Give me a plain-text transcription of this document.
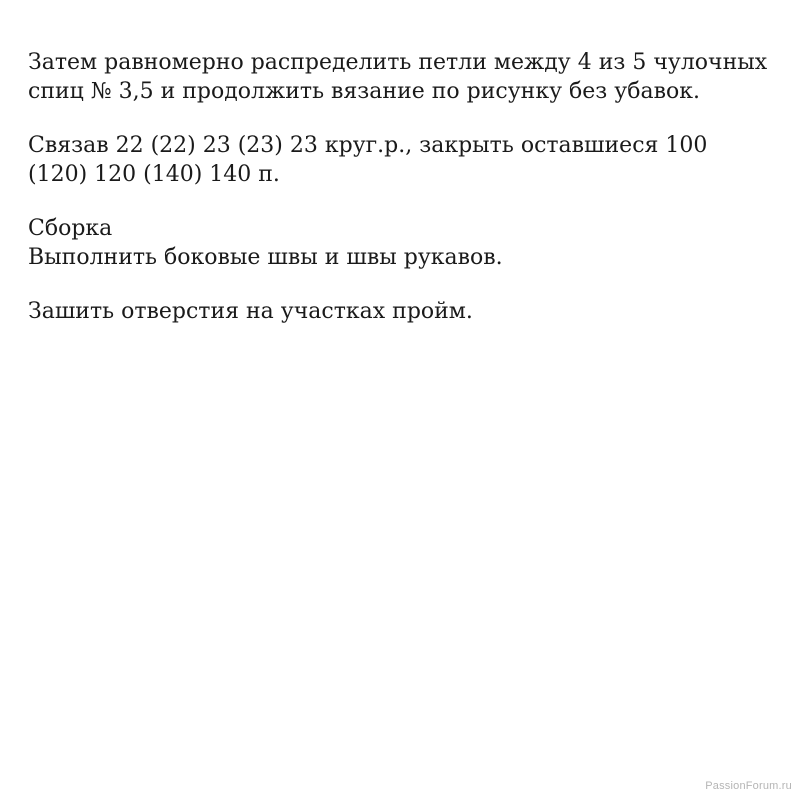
Затем равномерно распределить петли между 4 из 5 чулочных
спиц № 3,5 и продолжить вязание по рисунку без убавок.

Связав 22 (22) 23 (23) 23 круг.р., закрыть оставшиеся 100
(120) 120 (140) 140 п.

Сборка
Выполнить боковые швы и швы рукавов.

Зашить отверстия на участках пройм.

PassionForum.ru
